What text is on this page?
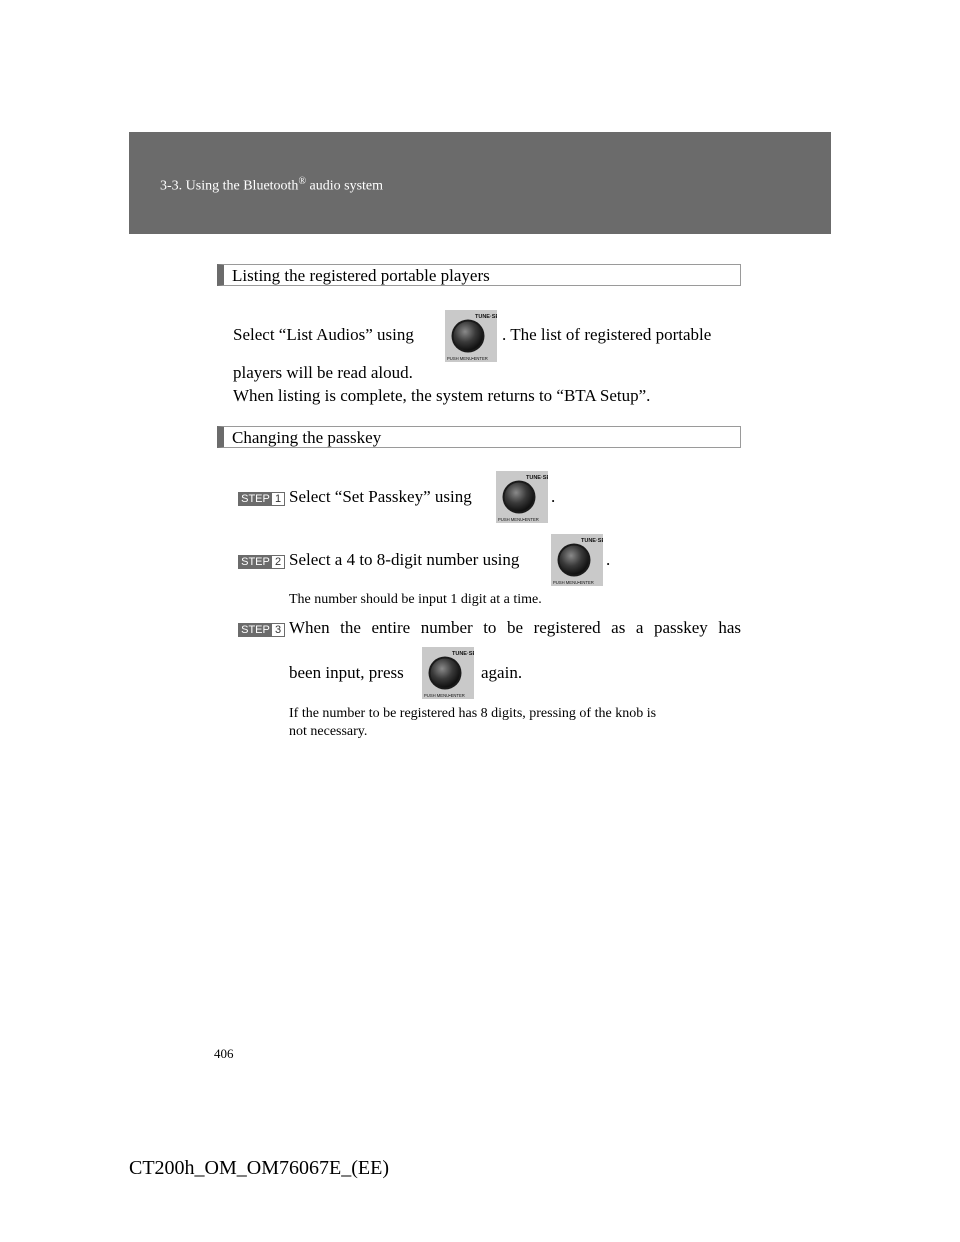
3-3. Using the Bluetooth® audio system
Listing the registered portable players
Select “List Audios” using	. The list of registered portable
players will be read aloud.
When listing is complete, the system returns to “BTA Setup”.
Changing the passkey
STEP 1 Select “Set Passkey” using	.
STEP 2 Select a 4 to 8-digit number using	.
The number should be input 1 digit at a time.
STEP 3 When the entire number to be registered as a passkey has
been input, press	again.
If the number to be registered has 8 digits, pressing of the knob is
not necessary.
406
CT200h_OM_OM76067E_(EE)
